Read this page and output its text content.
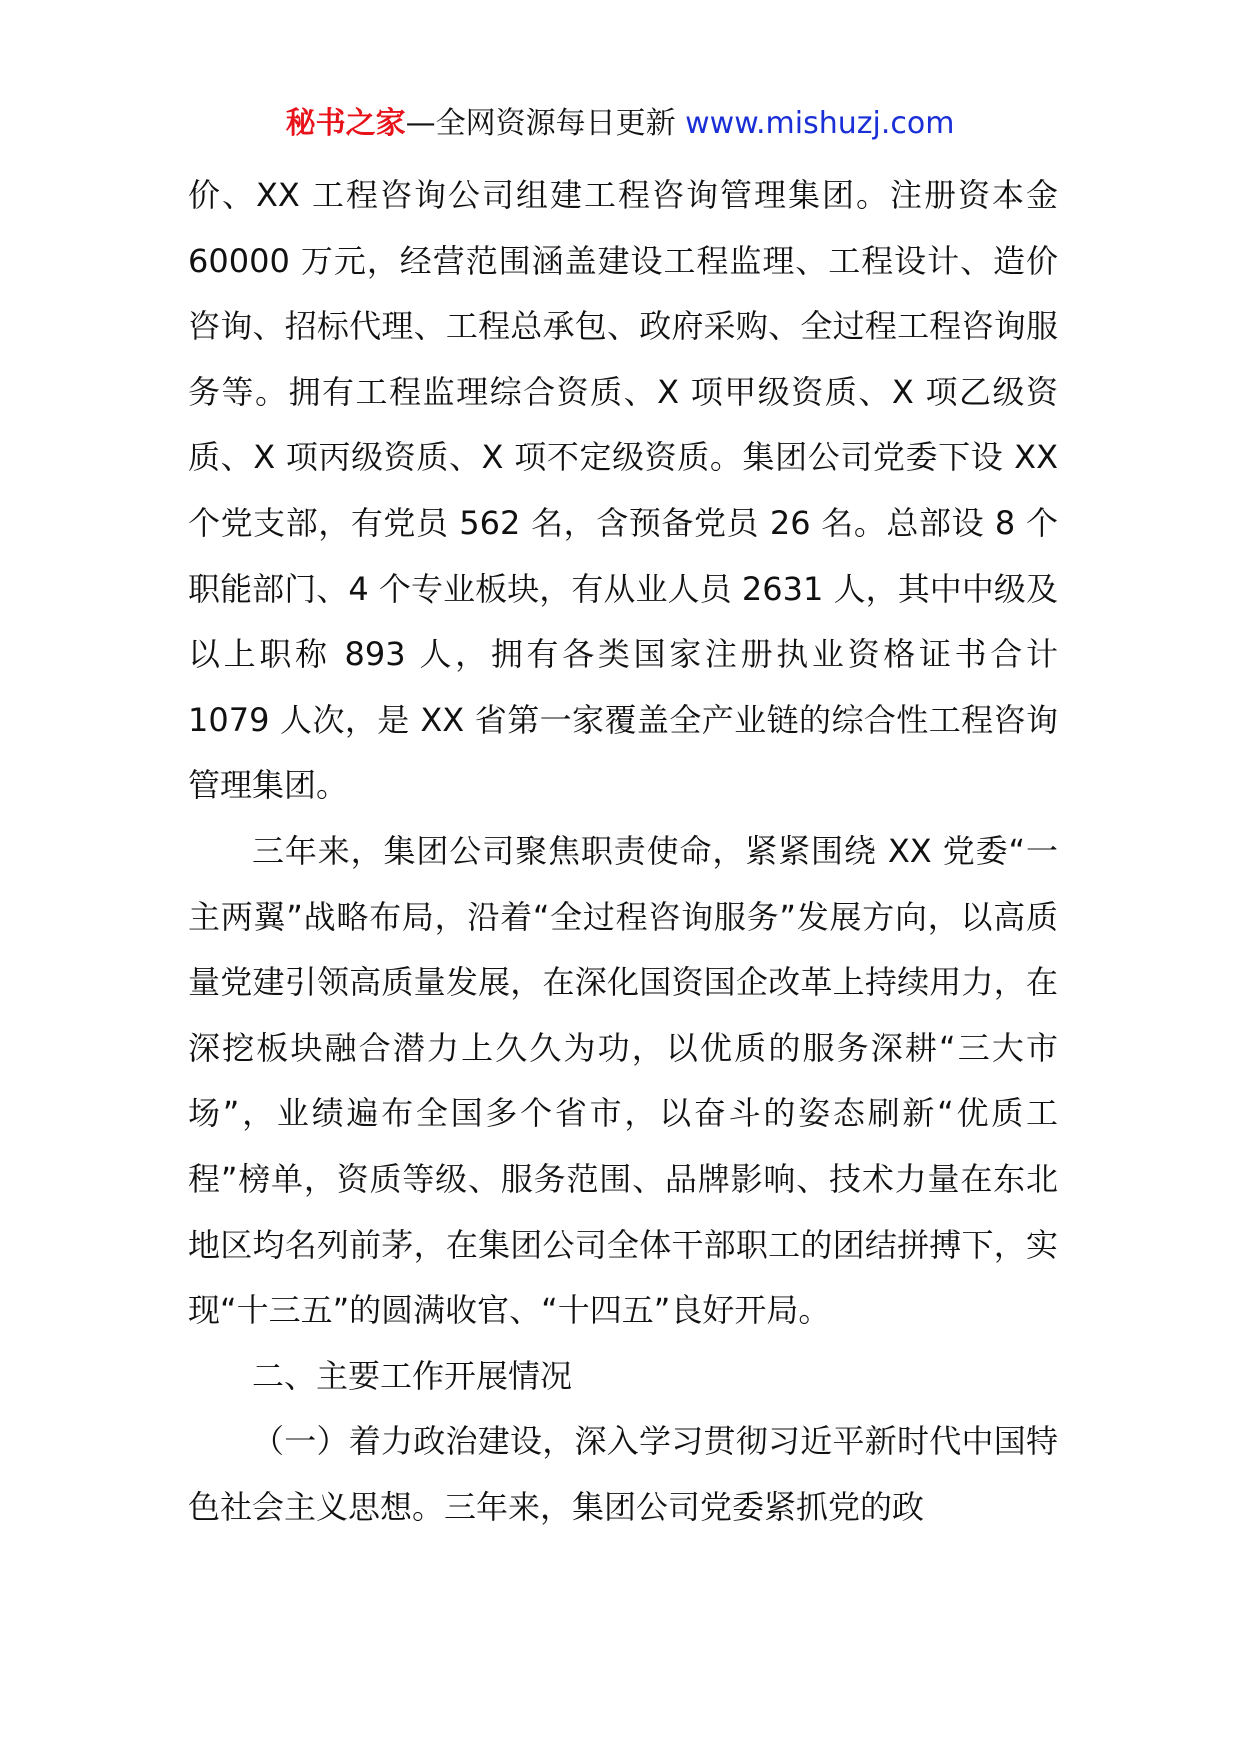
秘书之家—全网资源每日更新 www.mishuzj.com

价、XX 工程咨询公司组建工程咨询管理集团。注册资本金 60000 万元，经营范围涵盖建设工程监理、工程设计、造价咨询、招标代理、工程总承包、政府采购、全过程工程咨询服务等。拥有工程监理综合资质、X 项甲级资质、X 项乙级资质、X 项丙级资质、X 项不定级资质。集团公司党委下设 XX 个党支部，有党员 562 名，含预备党员 26 名。总部设 8 个职能部门、4 个专业板块，有从业人员 2631 人，其中中级及以上职称 893 人，拥有各类国家注册执业资格证书合计 1079 人次，是 XX 省第一家覆盖全产业链的综合性工程咨询管理集团。

三年来，集团公司聚焦职责使命，紧紧围绕 XX 党委“一主两翼”战略布局，沿着“全过程咨询服务”发展方向，以高质量党建引领高质量发展，在深化国资国企改革上持续用力，在深挖板块融合潜力上久久为功，以优质的服务深耕“三大市场”，业绩遍布全国多个省市，以奋斗的姿态刷新“优质工程”榜单，资质等级、服务范围、品牌影响、技术力量在东北地区均名列前茅，在集团公司全体干部职工的团结拼搏下，实现“十三五”的圆满收官、“十四五”良好开局。

二、主要工作开展情况

（一）着力政治建设，深入学习贯彻习近平新时代中国特色社会主义思想。三年来，集团公司党委紧抓党的政
